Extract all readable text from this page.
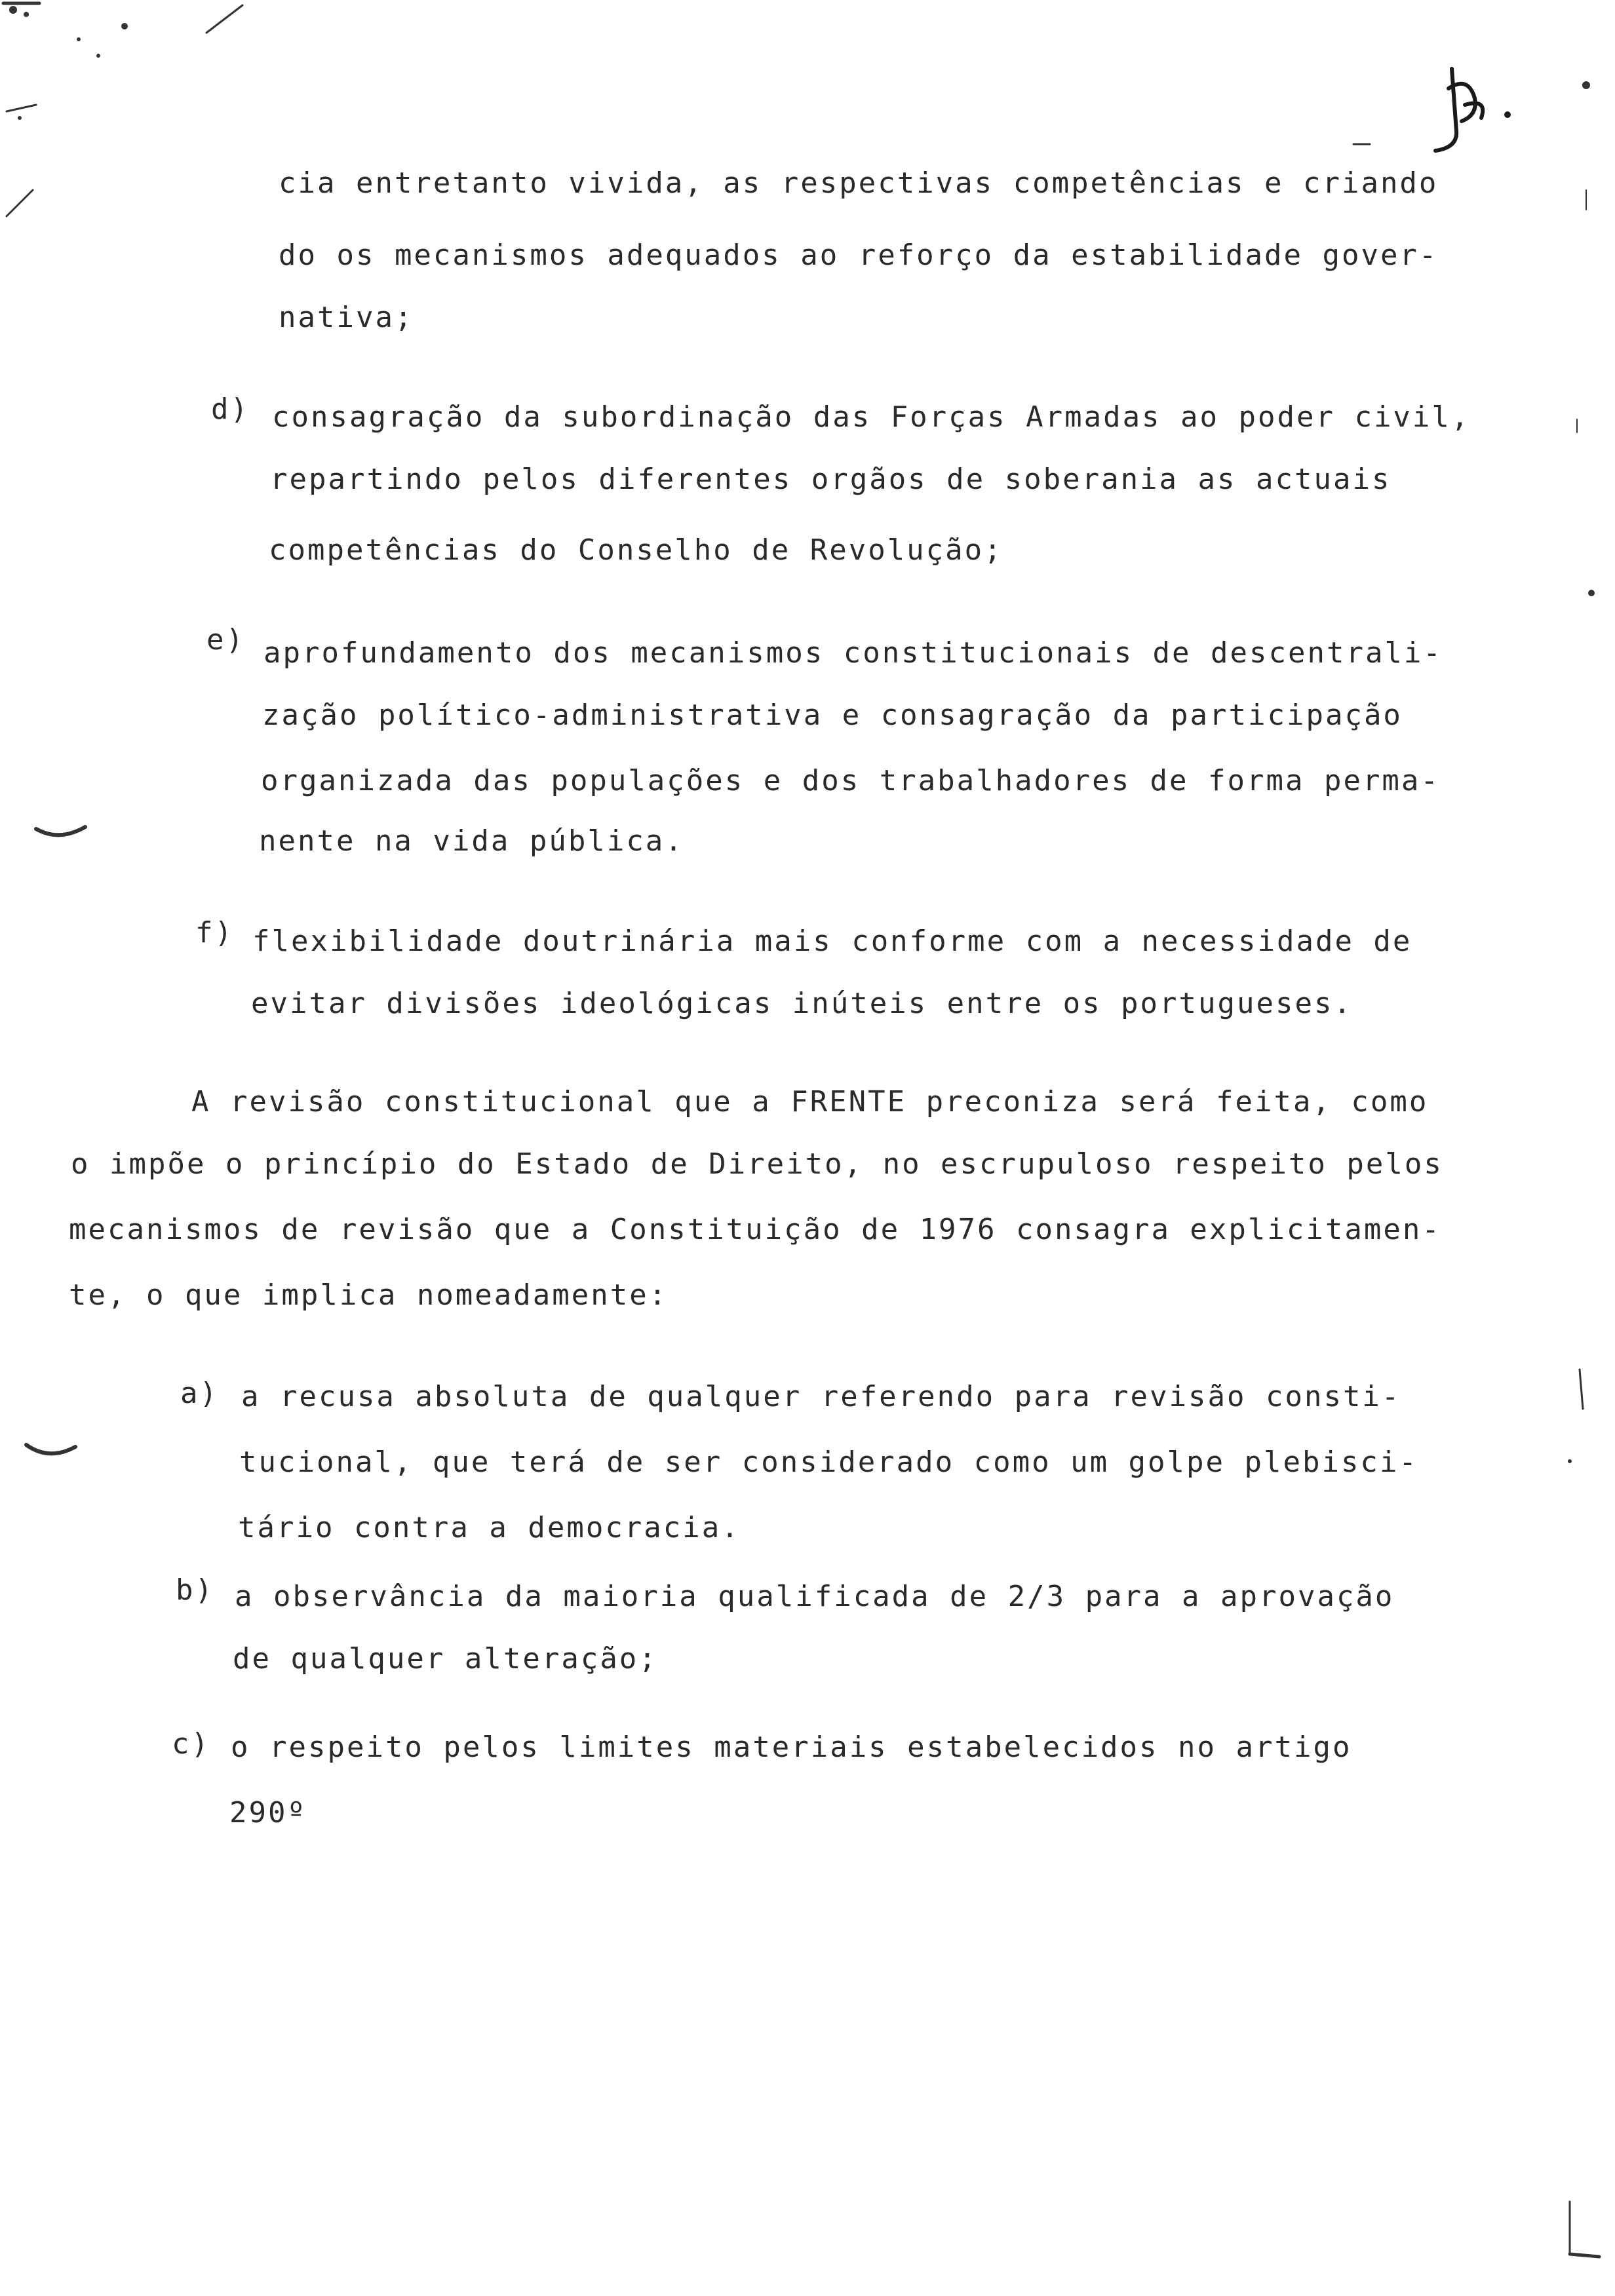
cia entretanto vivida, as respectivas competências e criando
do os mecanismos adequados ao reforço da estabilidade gover-
nativa;
d) consagração da subordinação das Forças Armadas ao poder civil,
repartindo pelos diferentes orgãos de soberania as actuais
competências do Conselho de Revolução;
e) aprofundamento dos mecanismos constitucionais de descentrali-
zação político-administrativa e consagração da participação
organizada das populações e dos trabalhadores de forma perma-
nente na vida pública.
f) flexibilidade doutrinária mais conforme com a necessidade de
evitar divisões ideológicas inúteis entre os portugueses.
A revisão constitucional que a FRENTE preconiza será feita, como
o impõe o princípio do Estado de Direito, no escrupuloso respeito pelos
mecanismos de revisão que a Constituição de 1976 consagra explicitamen-
te, o que implica nomeadamente:
a) a recusa absoluta de qualquer referendo para revisão consti-
tucional, que terá de ser considerado como um golpe plebisci-
tário contra a democracia.
b) a observância da maioria qualificada de 2/3 para a aprovação
de qualquer alteração;
c) o respeito pelos limites materiais estabelecidos no artigo
290º
